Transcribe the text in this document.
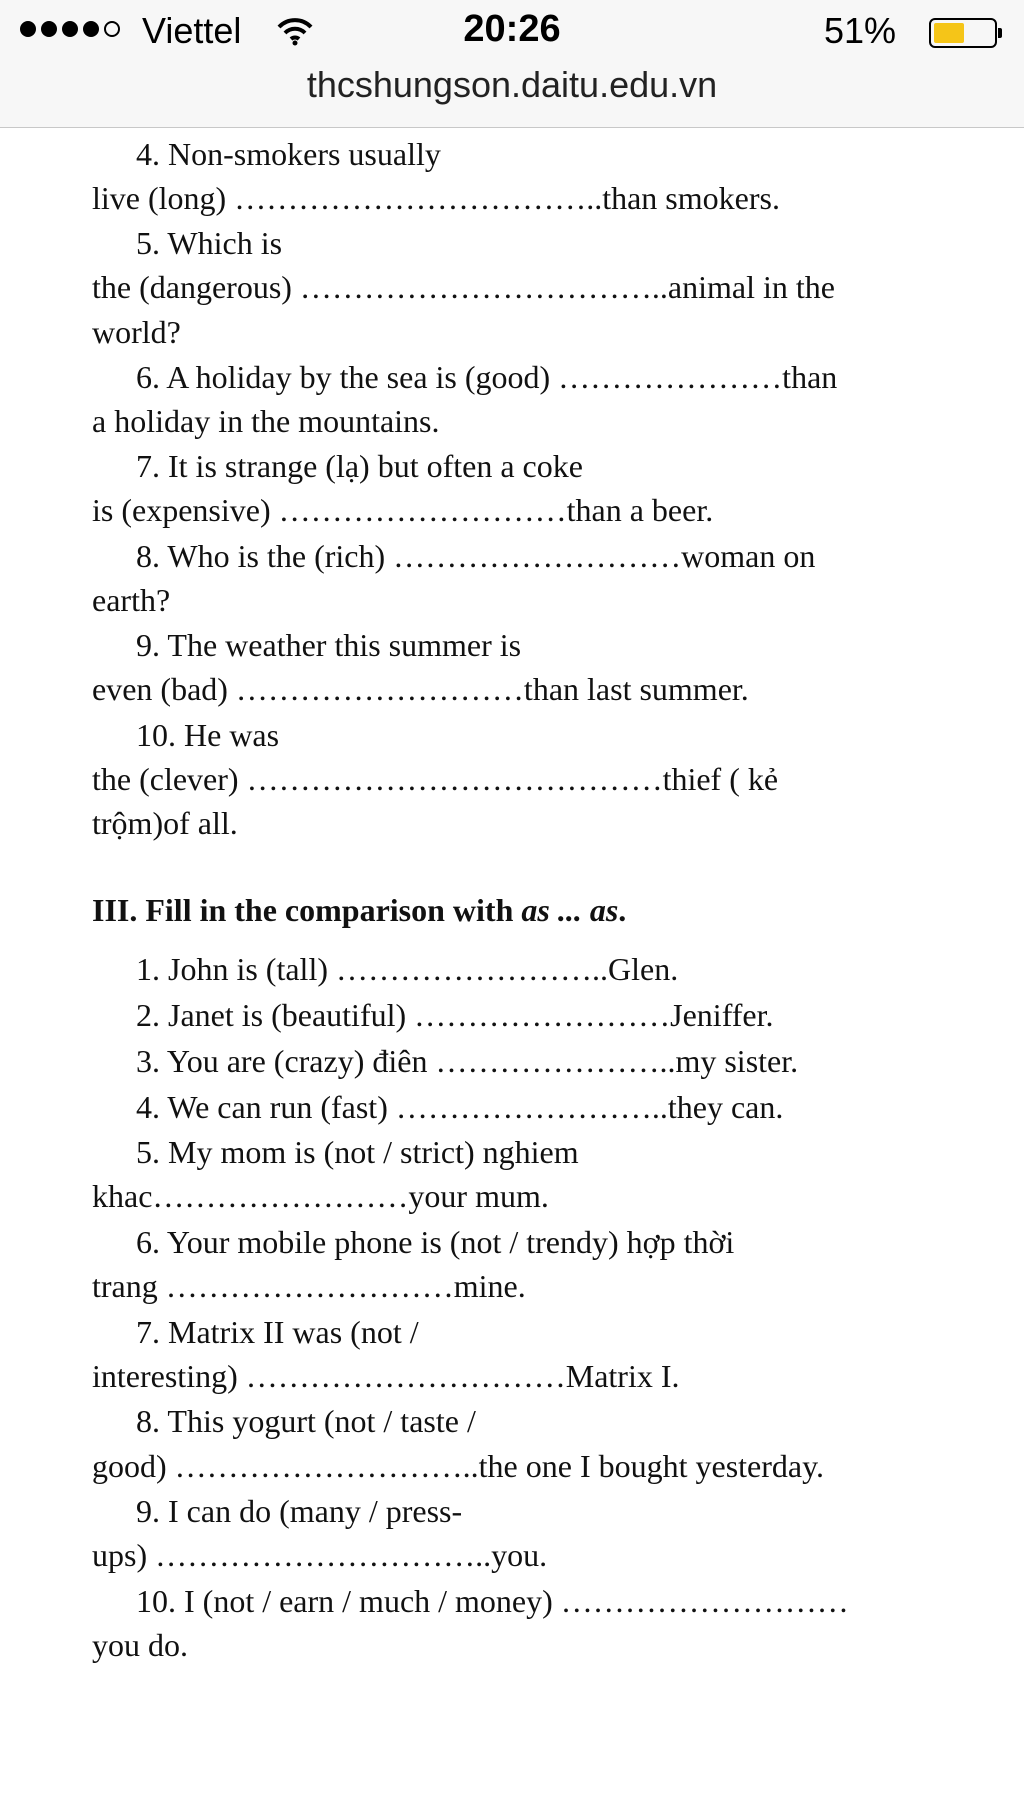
Viettel	20:26	51%
thcshungson.daitu.edu.vn
4. Non-smokers usually
live (long) ……………………………..than smokers.
5. Which is
the (dangerous) ……………………………..animal in the
world?
6. A holiday by the sea is (good) …………………than
a holiday in the mountains.
7. It is strange (lạ) but often a coke
is (expensive) ………………………than a beer.
8. Who is the (rich) ………………………woman on
earth?
9. The weather this summer is
even (bad) ………………………than last summer.
10. He was
the (clever) …………………………………thief ( kẻ
trộm)of all.
III. Fill in the comparison with as ... as.
1. John is (tall) ……………………..Glen.
2. Janet is (beautiful) ……………………Jeniffer.
3. You are (crazy) điên …………………..my sister.
4. We can run (fast) ……………………..they can.
5. My mom is (not / strict) nghiem
khac……………………your mum.
6. Your mobile phone is (not / trendy) hợp thời
trang ………………………mine.
7. Matrix II was (not /
interesting) …………………………Matrix I.
8. This yogurt (not / taste /
good) ………………………..the one I bought yesterday.
9. I can do (many / press-
ups) …………………………..you.
10. I (not / earn / much / money) ………………………
you do.
